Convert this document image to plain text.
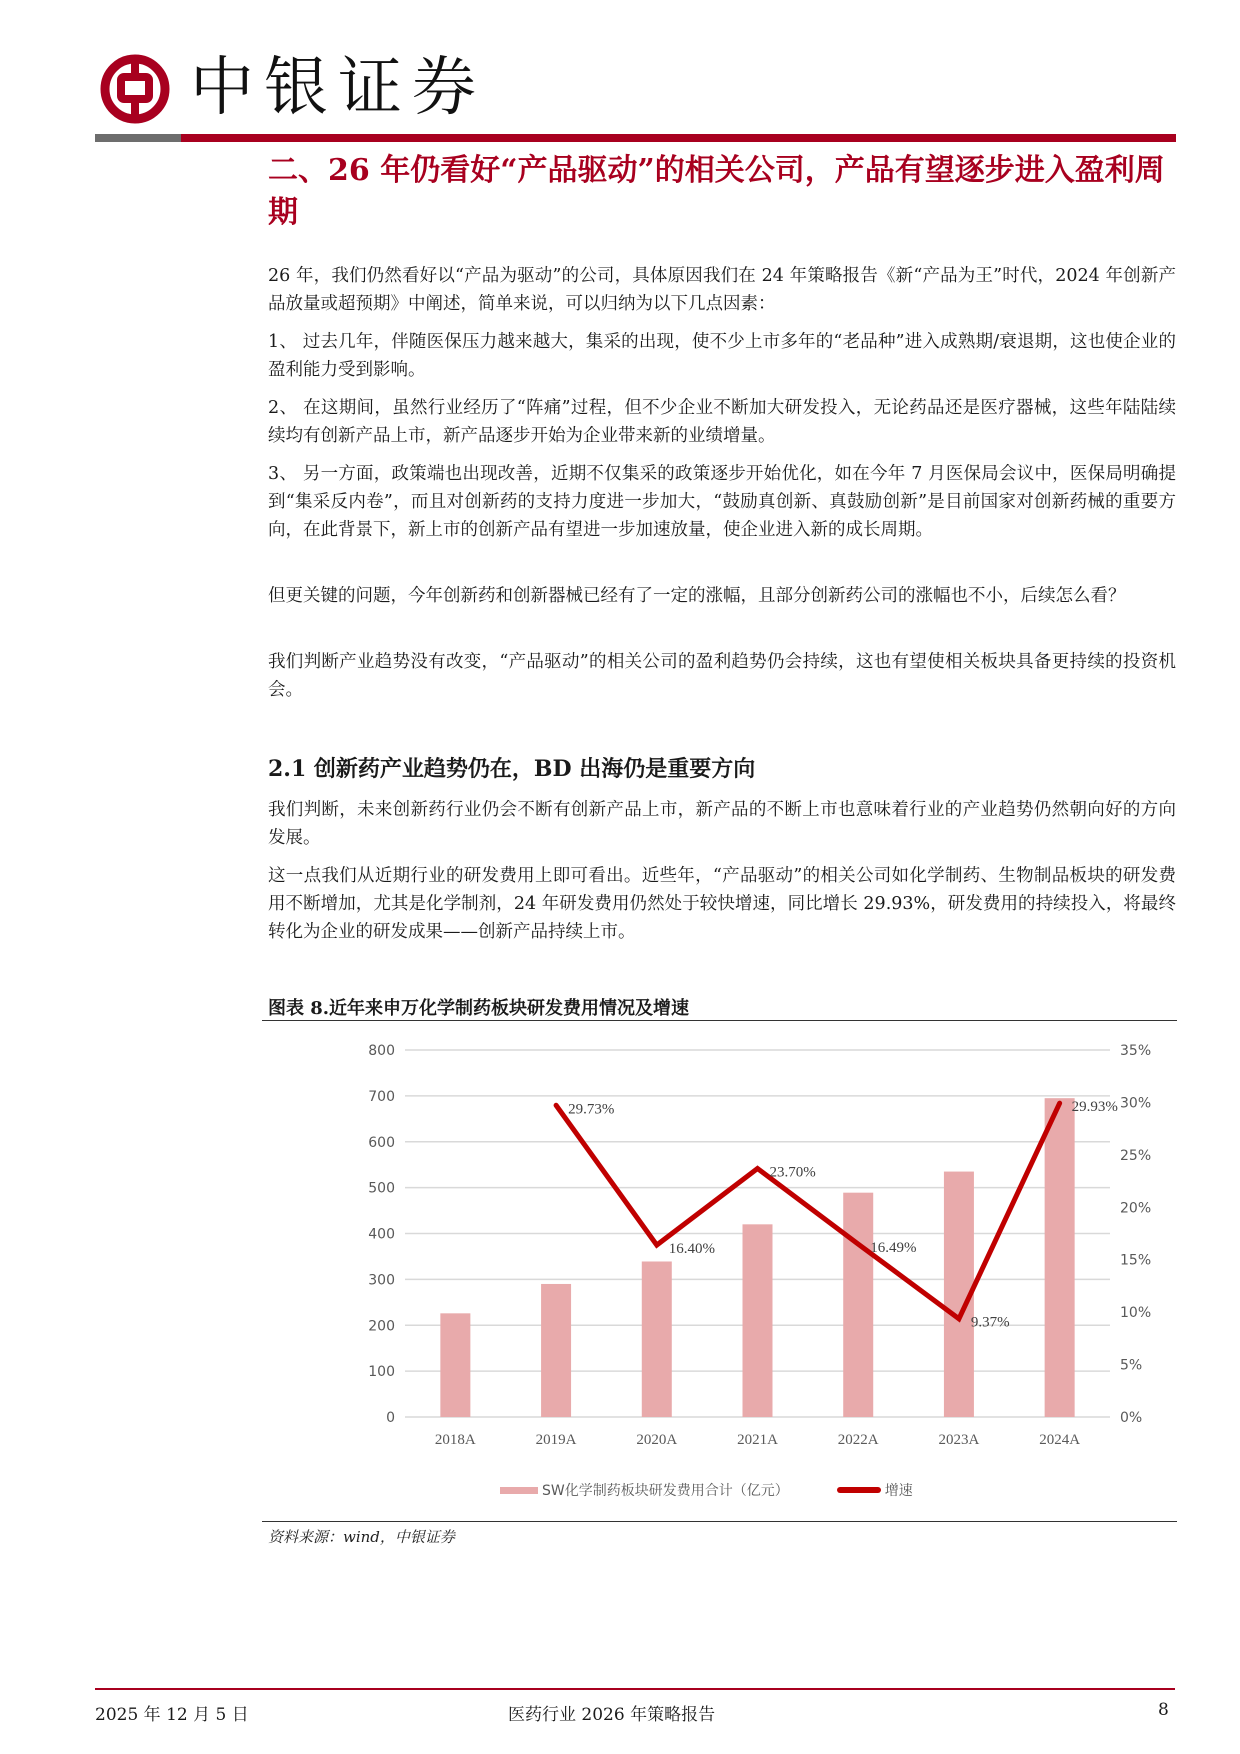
中银证券
二、26 年仍看好“产品驱动”的相关公司，产品有望逐步进入盈利周期
26 年，我们仍然看好以“产品为驱动”的公司，具体原因我们在 24 年策略报告《新“产品为王”时代，2024 年创新产品放量或超预期》中阐述，简单来说，可以归纳为以下几点因素：
1、 过去几年，伴随医保压力越来越大，集采的出现，使不少上市多年的“老品种”进入成熟期/衰退期，这也使企业的盈利能力受到影响。
2、 在这期间，虽然行业经历了“阵痛”过程，但不少企业不断加大研发投入，无论药品还是医疗器械，这些年陆陆续续均有创新产品上市，新产品逐步开始为企业带来新的业绩增量。
3、 另一方面，政策端也出现改善，近期不仅集采的政策逐步开始优化，如在今年 7 月医保局会议中，医保局明确提到“集采反内卷”，而且对创新药的支持力度进一步加大，“鼓励真创新、真鼓励创新”是目前国家对创新药械的重要方向，在此背景下，新上市的创新产品有望进一步加速放量，使企业进入新的成长周期。
但更关键的问题，今年创新药和创新器械已经有了一定的涨幅，且部分创新药公司的涨幅也不小，后续怎么看？
我们判断产业趋势没有改变，“产品驱动”的相关公司的盈利趋势仍会持续，这也有望使相关板块具备更持续的投资机会。
2.1 创新药产业趋势仍在，BD 出海仍是重要方向
我们判断，未来创新药行业仍会不断有创新产品上市，新产品的不断上市也意味着行业的产业趋势仍然朝向好的方向发展。
这一点我们从近期行业的研发费用上即可看出。近些年，“产品驱动”的相关公司如化学制药、生物制品板块的研发费用不断增加，尤其是化学制剂，24 年研发费用仍然处于较快增速，同比增长 29.93%，研发费用的持续投入，将最终转化为企业的研发成果——创新产品持续上市。
图表 8.近年来申万化学制药板块研发费用情况及增速
0
100
200
300
400
500
600
700
800
0%
5%
10%
15%
20%
25%
30%
35%
2018A	2019A	2020A	2021A	2022A	2023A	2024A
29.73%
16.40%
23.70%
16.49%
9.37%
29.93%
SW化学制药板块研发费用合计（亿元）	增速
资料来源：wind，中银证券
2025 年 12 月 5 日	医药行业 2026 年策略报告	8
